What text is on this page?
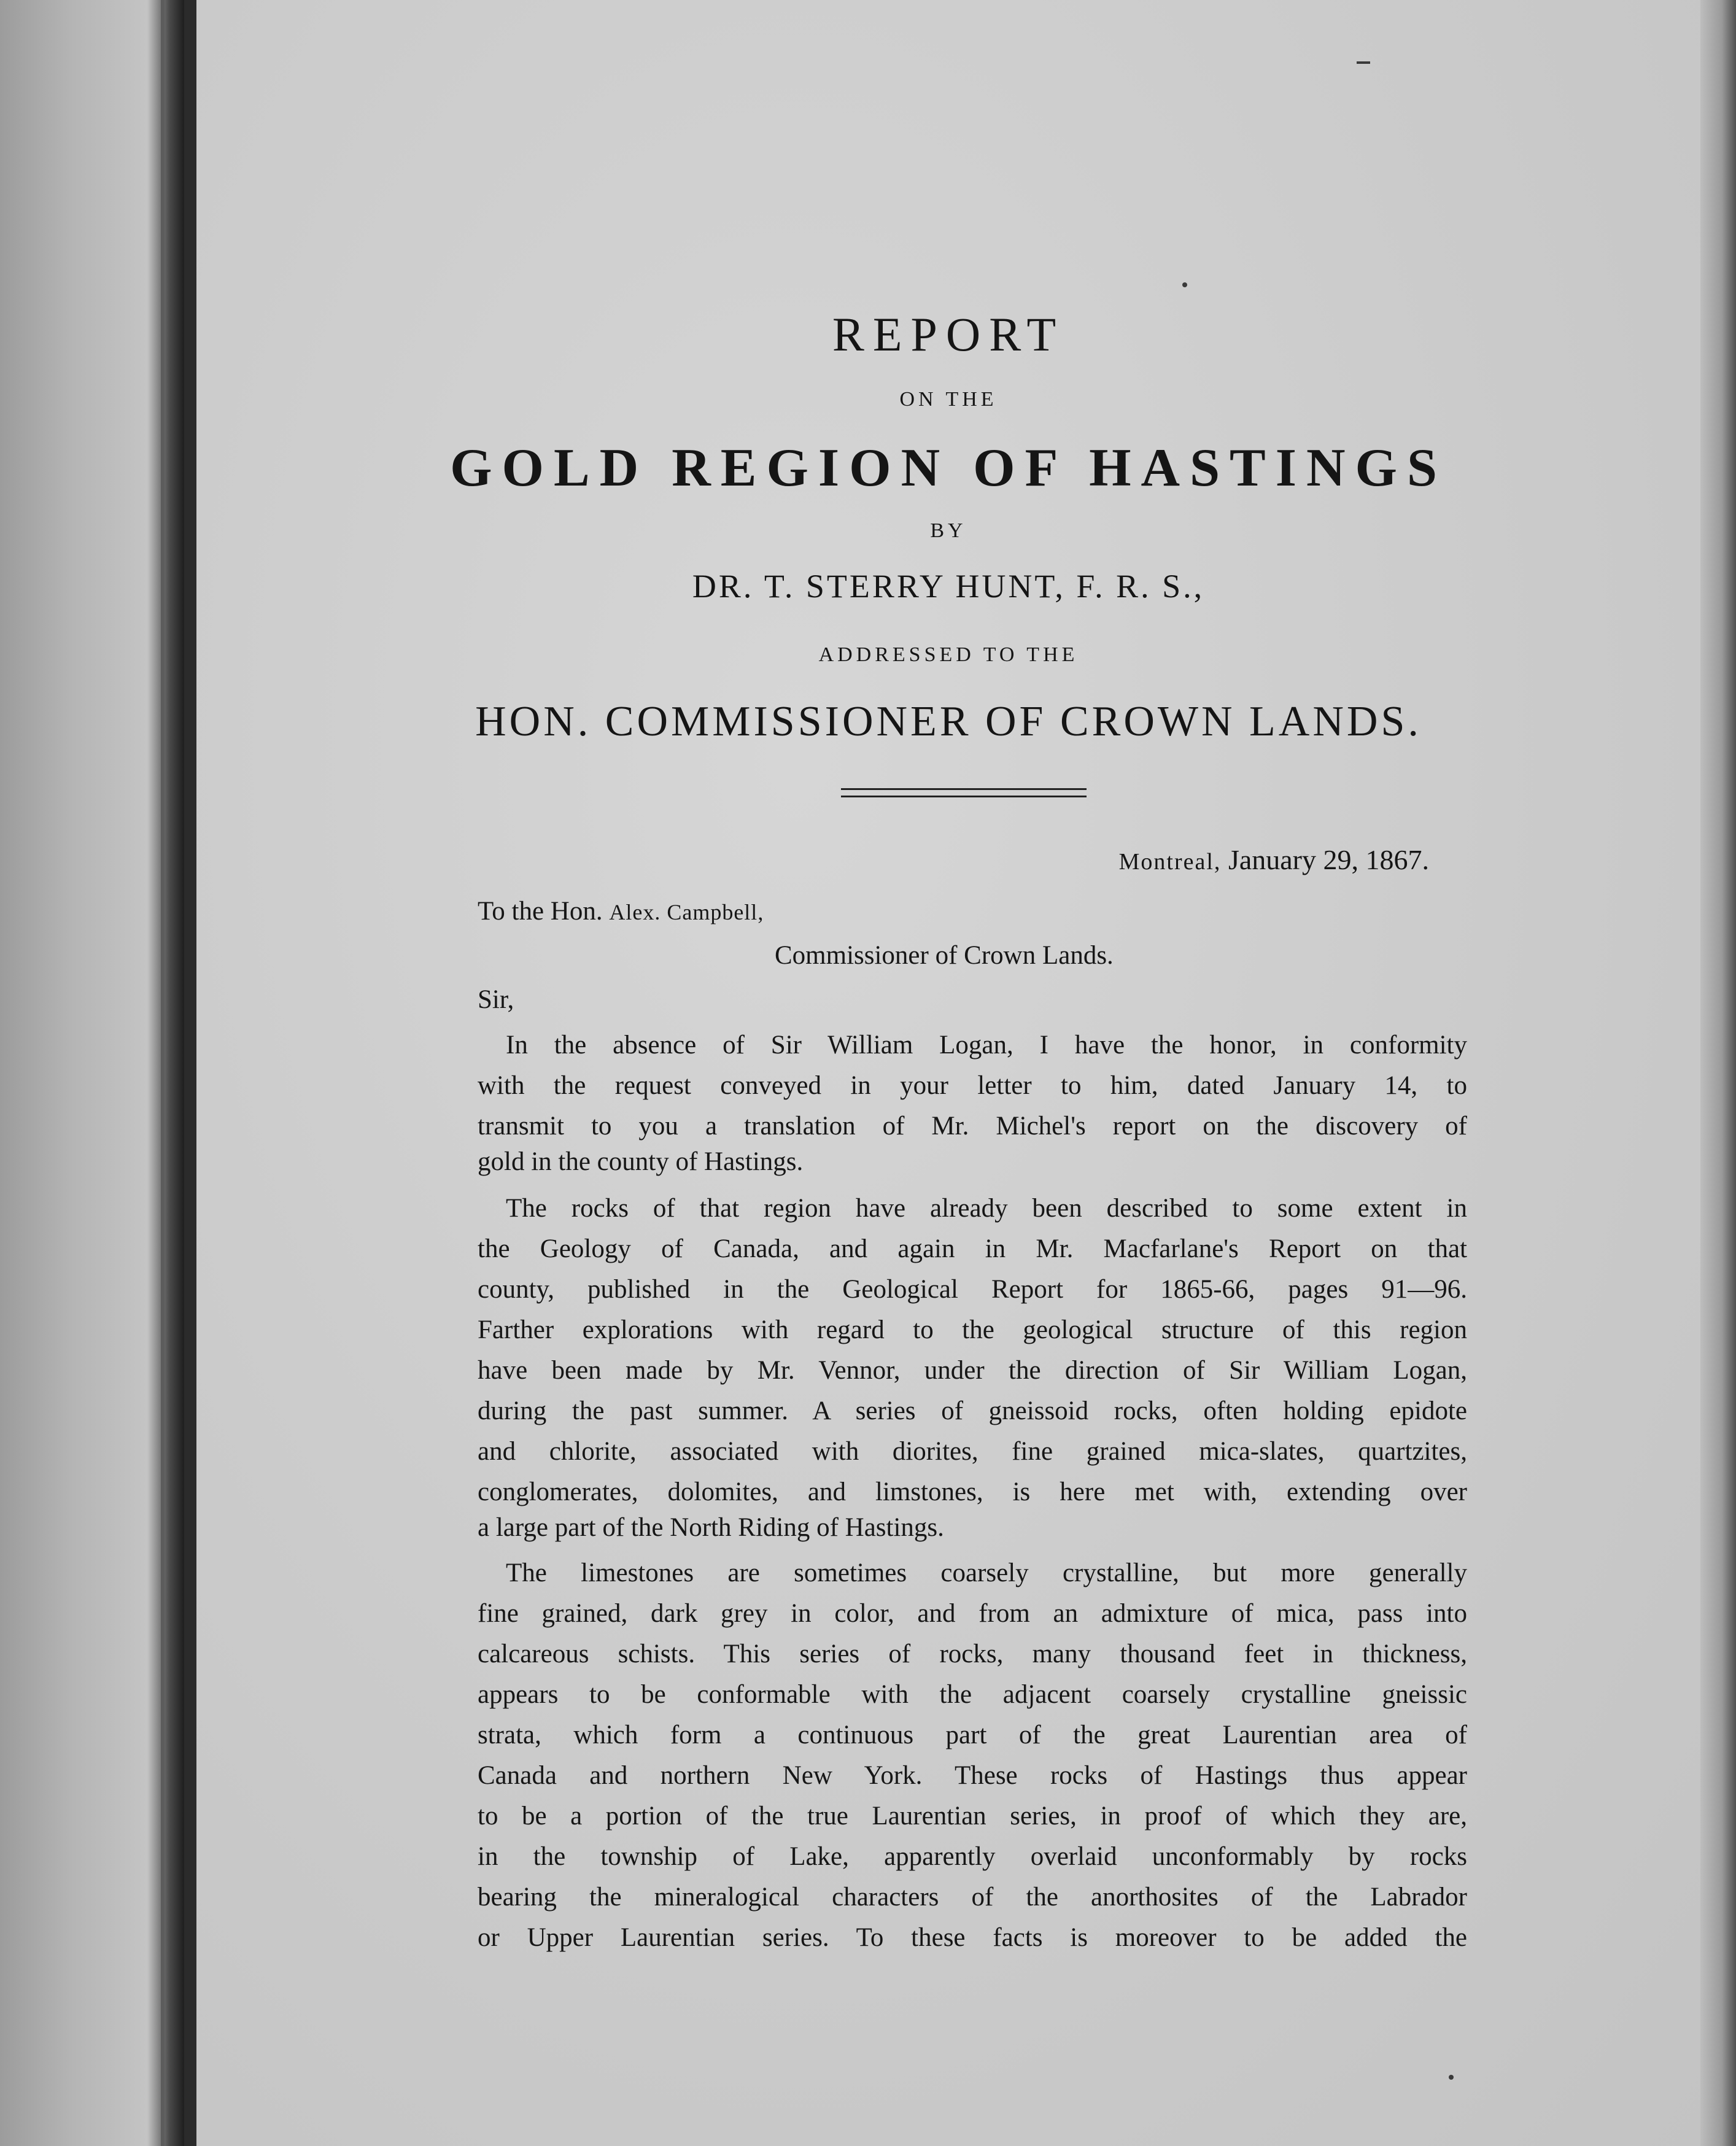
REPORT
ON THE
GOLD REGION OF HASTINGS
BY
DR. T. STERRY HUNT, F. R. S.,
ADDRESSED TO THE
HON. COMMISSIONER OF CROWN LANDS.
Montreal, January 29, 1867.
To the Hon. Alex. Campbell,
Commissioner of Crown Lands.
Sir,
In the absence of Sir William Logan, I have the honor, in conformity
with the request conveyed in your letter to him, dated January 14, to
transmit to you a translation of Mr. Michel's report on the discovery of
gold in the county of Hastings.
The rocks of that region have already been described to some extent in
the Geology of Canada, and again in Mr. Macfarlane's Report on that
county, published in the Geological Report for 1865-66, pages 91—96.
Farther explorations with regard to the geological structure of this region
have been made by Mr. Vennor, under the direction of Sir William Logan,
during the past summer. A series of gneissoid rocks, often holding epidote
and chlorite, associated with diorites, fine grained mica-slates, quartzites,
conglomerates, dolomites, and limstones, is here met with, extending over
a large part of the North Riding of Hastings.
The limestones are sometimes coarsely crystalline, but more generally
fine grained, dark grey in color, and from an admixture of mica, pass into
calcareous schists. This series of rocks, many thousand feet in thickness,
appears to be conformable with the adjacent coarsely crystalline gneissic
strata, which form a continuous part of the great Laurentian area of
Canada and northern New York. These rocks of Hastings thus appear
to be a portion of the true Laurentian series, in proof of which they are,
in the township of Lake, apparently overlaid unconformably by rocks
bearing the mineralogical characters of the anorthosites of the Labrador
or Upper Laurentian series. To these facts is moreover to be added the
